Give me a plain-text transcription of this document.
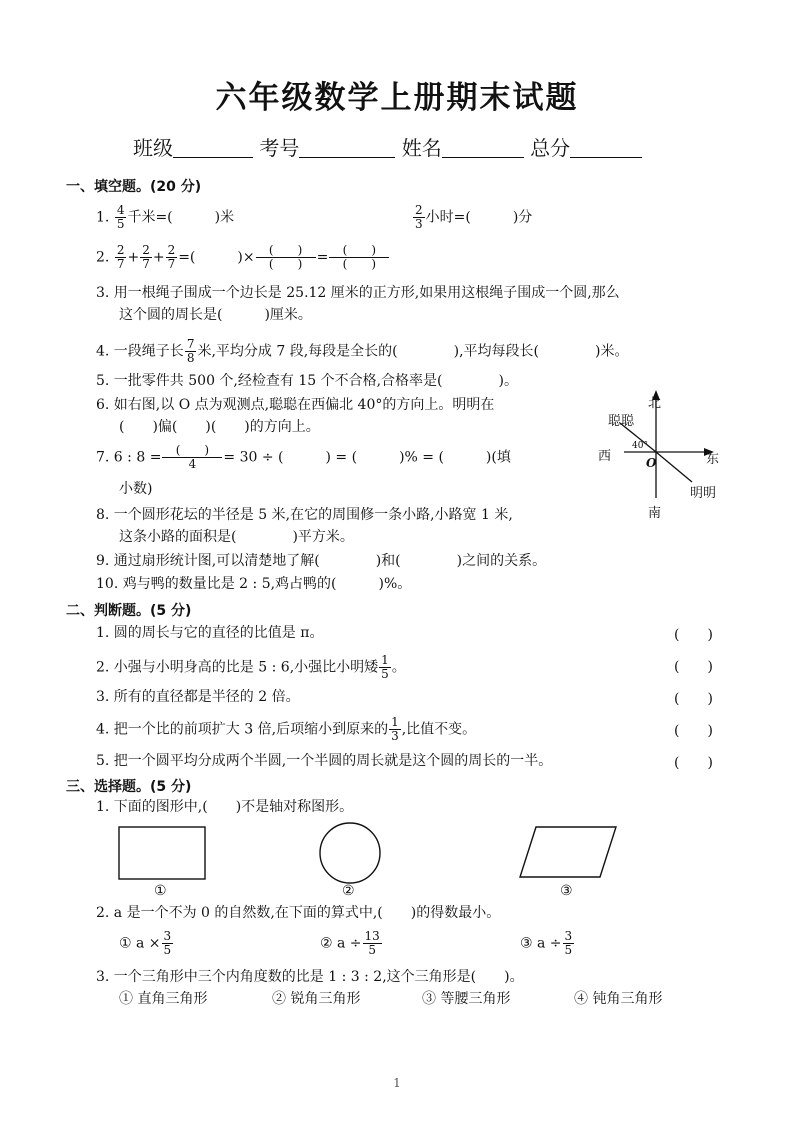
六年级数学上册期末试题
班级	考号	姓名	总分
一、填空题。(20 分)
1. $\frac{4}{5}$ 千米=(　　　)米	$\frac{2}{3}$ 小时=(　　　)分
2. $\frac{2}{7} + \frac{2}{7} + \frac{2}{7}$ =(　　　)× $\frac{( )}{( )} = \frac{( )}{( )}$
3. 用一根绳子围成一个边长是 25.12 厘米的正方形,如果用这根绳子围成一个圆,那么
这个圆的周长是(　　　)厘米。
4. 一段绳子长 $\frac{7}{8}$ 米,平均分成 7 段,每段是全长的(　　　　),平均每段长(　　　　)米。
5. 一批零件共 500 个,经检查有 15 个不合格,合格率是(　　　　)。
6. 如右图,以 O 点为观测点,聪聪在西偏北 40°的方向上。明明在
(　　)偏(　　)(　　)的方向上。
7. 6 : $8 = \frac{( )}{4} = 30$ ÷ (　　　) = (　　　)% = (　　　)(填
小数)
8. 一个圆形花坛的半径是 5 米,在它的周围修一条小路,小路宽 1 米,
这条小路的面积是(　　　　)平方米。
9. 通过扇形统计图,可以清楚地了解(　　　　)和(　　　　)之间的关系。
10. 鸡与鸭的数量比是 2 : 5,鸡占鸭的(　　　)%。
北
南
东
西	O
40°
聪聪
明明
二、判断题。(5 分)
1. 圆的周长与它的直径的比值是 π。	(　　)
2. 小强与小明身高的比是 5 : 6,小强比小明矮 $\frac{1}{5}$ 。	(　　)
3. 所有的直径都是半径的 2 倍。	(　　)
4. 把一个比的前项扩大 3 倍,后项缩小到原来的 $\frac{1}{3}$ ,比值不变。	(　　)
5. 把一个圆平均分成两个半圆,一个半圆的周长就是这个圆的周长的一半。	(　　)
三、选择题。(5 分)
1. 下面的图形中,(　　)不是轴对称图形。
①	②	③
2. a 是一个不为 0 的自然数,在下面的算式中,(　　)的得数最小。
① $a \times \frac{3}{5}$	② $a \div \frac{13}{5}$	③ $a \div \frac{3}{5}$
3. 一个三角形中三个内角度数的比是 1 : 3 : 2,这个三角形是(　　)。
① 直角三角形	② 锐角三角形	③ 等腰三角形	④ 钝角三角形
1
